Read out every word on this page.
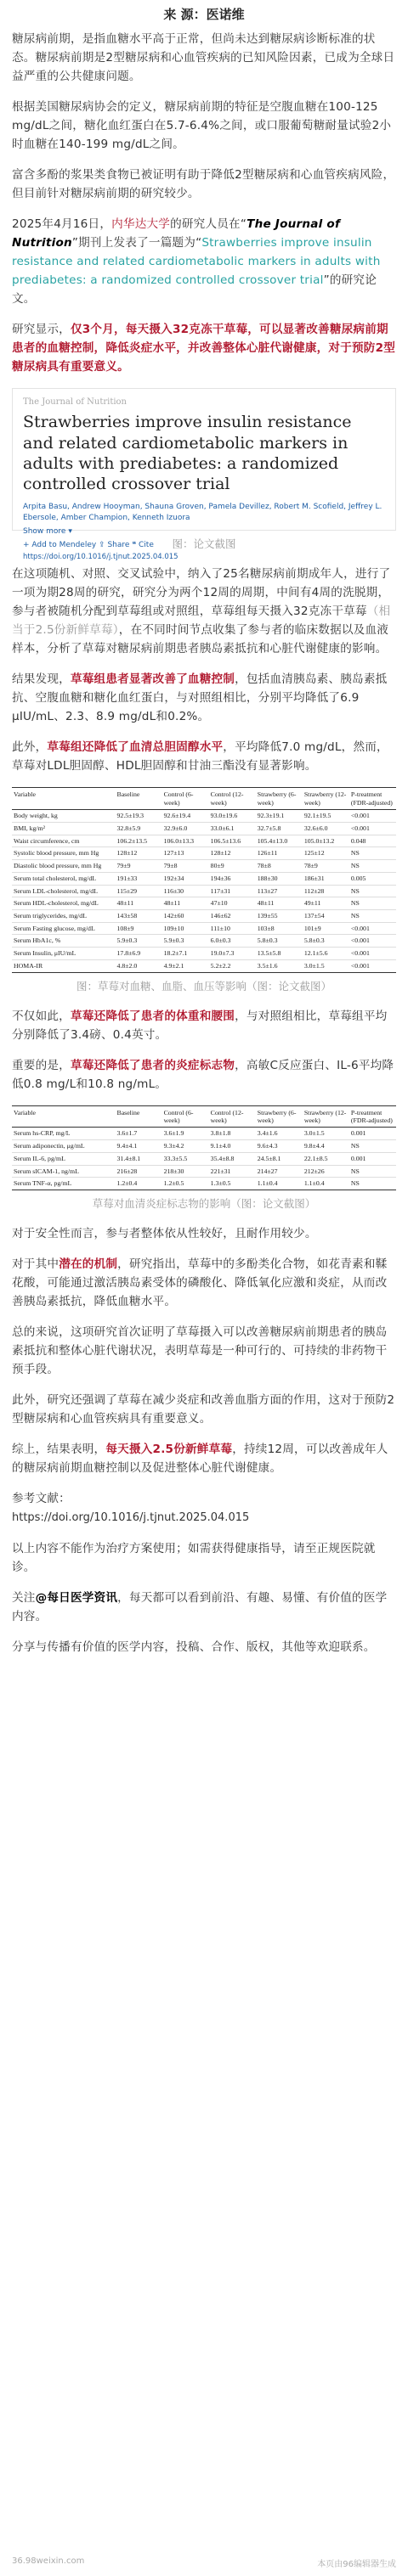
来 源：医诺维

糖尿病前期，是指血糖水平高于正常，但尚未达到糖尿病诊断标准的状态。糖尿病前期是2型糖尿病和心血管疾病的已知风险因素，已成为全球日益严重的公共健康问题。

根据美国糖尿病协会的定义，糖尿病前期的特征是空腹血糖在100-125 mg/dL之间，糖化血红蛋白在5.7-6.4%之间，或口服葡萄糖耐量试验2小时血糖在140-199 mg/dL之间。

富含多酚的浆果类食物已被证明有助于降低2型糖尿病和心血管疾病风险，但目前针对糖尿病前期的研究较少。

2025年4月16日，内华达大学的研究人员在“The Journal of Nutrition”期刊上发表了一篇题为“Strawberries improve insulin resistance and related cardiometabolic markers in adults with prediabetes: a randomized controlled crossover trial”的研究论文。

研究显示，仅3个月，每天摄入32克冻干草莓，可以显著改善糖尿病前期患者的血糖控制，降低炎症水平，并改善整体心脏代谢健康，对于预防2型糖尿病具有重要意义。

The Journal of Nutrition
Strawberries improve insulin resistance and related cardiometabolic markers in adults with prediabetes: a randomized controlled crossover trial
Arpita Basu, Andrew Hooyman, Shauna Groven, Pamela Devillez, Robert M. Scofield, Jeffrey L. Ebersole, Amber Champion, Kenneth Izuora
Show more ▾
+ Add to Mendeley ⇪ Share ❝ Cite
https://doi.org/10.1016/j.tjnut.2025.04.015
图：论文截图

在这项随机、对照、交叉试验中，纳入了25名糖尿病前期成年人，进行了一项为期28周的研究，研究分为两个12周的周期，中间有4周的洗脱期，参与者被随机分配到草莓组或对照组，草莓组每天摄入32克冻干草莓（相当于2.5份新鲜草莓），在不同时间节点收集了参与者的临床数据以及血液样本，分析了草莓对糖尿病前期患者胰岛素抵抗和心脏代谢健康的影响。

结果发现，草莓组患者显著改善了血糖控制，包括血清胰岛素、胰岛素抵抗、空腹血糖和糖化血红蛋白，与对照组相比，分别平均降低了6.9 μIU/mL、2.3、8.9 mg/dL和0.2%。

此外，草莓组还降低了血清总胆固醇水平，平均降低7.0 mg/dL，然而，草莓对LDL胆固醇、HDL胆固醇和甘油三酯没有显著影响。

Variable	Baseline	Control (6-week)	Control (12-week)	Strawberry (6-week)	Strawberry (12-week)	P-treatment (FDR-adjusted)
Body weight, kg	92.5±19.3	92.6±19.4	93.0±19.6	92.3±19.1	92.1±19.5	<0.001
BMI, kg/m²	32.8±5.9	32.9±6.0	33.0±6.1	32.7±5.8	32.6±6.0	<0.001
Waist circumference, cm	106.2±13.5	106.0±13.3	106.5±13.6	105.4±13.0	105.0±13.2	0.048
Systolic blood pressure, mm Hg	128±12	127±13	128±12	126±11	125±12	NS
Diastolic blood pressure, mm Hg	79±9	79±8	80±9	78±8	78±9	NS
Serum total cholesterol, mg/dL	191±33	192±34	194±36	188±30	186±31	0.005
Serum LDL-cholesterol, mg/dL	115±29	116±30	117±31	113±27	112±28	NS
Serum HDL-cholesterol, mg/dL	48±11	48±11	47±10	48±11	49±11	NS
Serum triglycerides, mg/dL	143±58	142±60	146±62	139±55	137±54	NS
Serum Fasting glucose, mg/dL	108±9	109±10	111±10	103±8	101±9	<0.001
Serum HbA1c, %	5.9±0.3	5.9±0.3	6.0±0.3	5.8±0.3	5.8±0.3	<0.001
Serum Insulin, μIU/mL	17.8±6.9	18.2±7.1	19.0±7.3	13.5±5.8	12.1±5.6	<0.001
HOMA-IR	4.8±2.0	4.9±2.1	5.2±2.2	3.5±1.6	3.0±1.5	<0.001
图：草莓对血糖、血脂、血压等影响（图：论文截图）

不仅如此，草莓还降低了患者的体重和腰围，与对照组相比，草莓组平均分别降低了3.4磅、0.4英寸。

重要的是，草莓还降低了患者的炎症标志物，高敏C反应蛋白、IL-6平均降低0.8 mg/L和10.8 ng/mL。

Variable	Baseline	Control (6-week)	Control (12-week)	Strawberry (6-week)	Strawberry (12-week)	P-treatment (FDR-adjusted)
Serum hs-CRP, mg/L	3.6±1.7	3.6±1.9	3.8±1.8	3.4±1.6	3.0±1.5	0.001
Serum adiponectin, μg/mL	9.4±4.1	9.3±4.2	9.1±4.0	9.6±4.3	9.8±4.4	NS
Serum IL-6, pg/mL	31.4±8.1	33.3±5.5	35.4±8.8	24.5±8.1	22.1±8.5	0.001
Serum sICAM-1, ng/mL	216±28	218±30	221±31	214±27	212±26	NS
Serum TNF-α, pg/mL	1.2±0.4	1.2±0.5	1.3±0.5	1.1±0.4	1.1±0.4	NS
草莓对血清炎症标志物的影响（图：论文截图）

对于安全性而言，参与者整体依从性较好，且耐作用较少。

对于其中潜在的机制，研究指出，草莓中的多酚类化合物，如花青素和鞣花酸，可能通过激活胰岛素受体的磷酸化、降低氧化应激和炎症，从而改善胰岛素抵抗，降低血糖水平。

总的来说，这项研究首次证明了草莓摄入可以改善糖尿病前期患者的胰岛素抵抗和整体心脏代谢状况，表明草莓是一种可行的、可持续的非药物干预手段。

此外，研究还强调了草莓在减少炎症和改善血脂方面的作用，这对于预防2型糖尿病和心血管疾病具有重要意义。

综上，结果表明，每天摄入2.5份新鲜草莓，持续12周，可以改善成年人的糖尿病前期血糖控制以及促进整体心脏代谢健康。

参考文献：

https://doi.org/10.1016/j.tjnut.2025.04.015

以上内容不能作为治疗方案使用；如需获得健康指导，请至正规医院就诊。

关注@每日医学资讯，每天都可以看到前沿、有趣、易懂、有价值的医学内容。

分享与传播有价值的医学内容，投稿、合作、版权，其他等欢迎联系。

36.98weixin.com	本页由96编辑器生成
